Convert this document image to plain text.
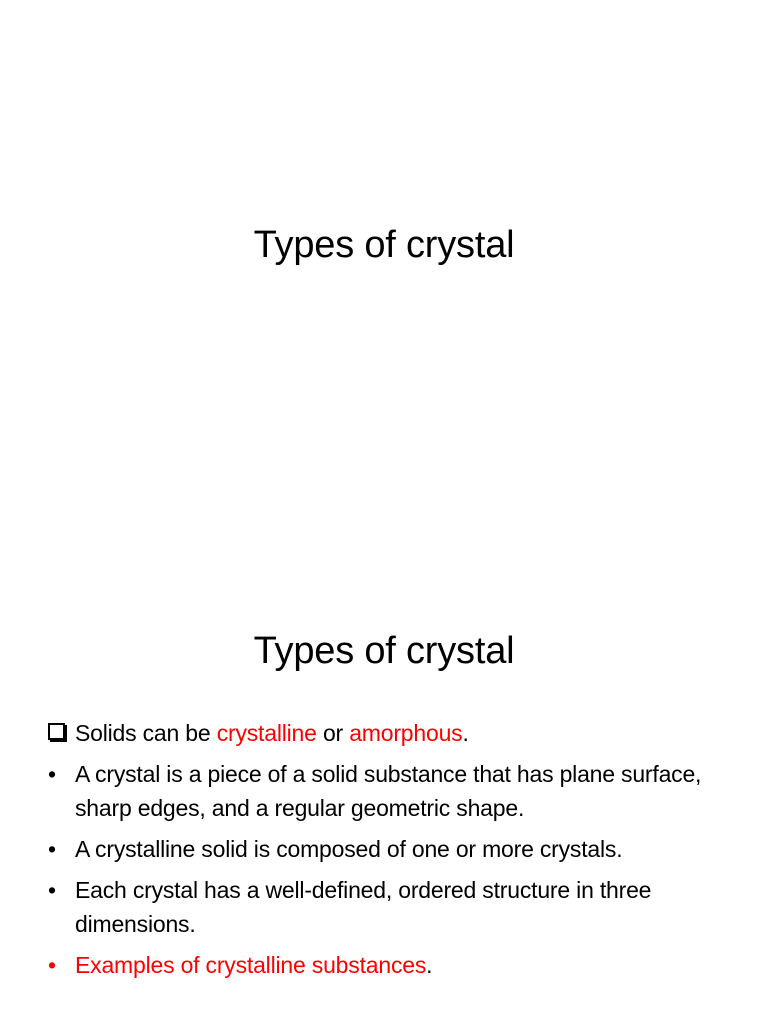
Types of crystal
Types of crystal
Solids can be crystalline or amorphous.
• A crystal is a piece of a solid substance that has plane surface, sharp edges, and a regular geometric shape.
• A crystalline solid is composed of one or more crystals.
• Each crystal has a well-defined, ordered structure in three dimensions.
• Examples of crystalline substances.
